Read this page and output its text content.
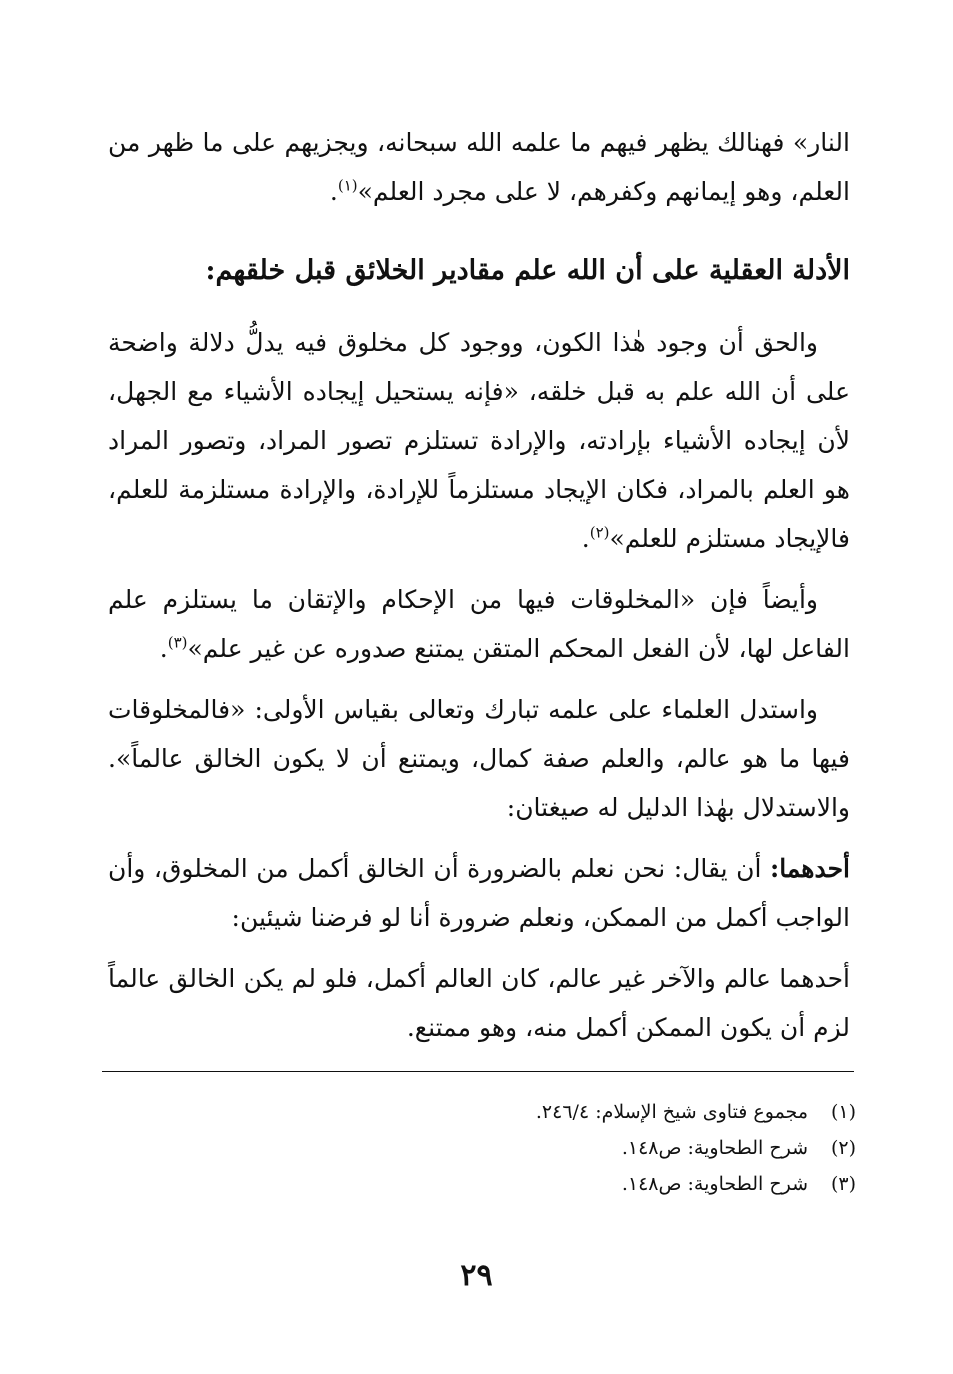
النار» فهنالك يظهر فيهم ما علمه الله سبحانه، ويجزيهم على ما ظهر من العلم، وهو إيمانهم وكفرهم، لا على مجرد العلم»$^{(١)}$.

الأدلة العقلية على أن الله علم مقادير الخلائق قبل خلقهم:

والحق أن وجود هٰذا الكون، ووجود كل مخلوق فيه يدلُّ دلالة واضحة على أن الله علم به قبل خلقه، «فإنه يستحيل إيجاده الأشياء مع الجهل، لأن إيجاده الأشياء بإرادته، والإرادة تستلزم تصور المراد، وتصور المراد هو العلم بالمراد، فكان الإيجاد مستلزماً للإرادة، والإرادة مستلزمة للعلم، فالإيجاد مستلزم للعلم»$^{(٢)}$.

وأيضاً فإن «المخلوقات فيها من الإحكام والإتقان ما يستلزم علم الفاعل لها، لأن الفعل المحكم المتقن يمتنع صدوره عن غير علم»$^{(٣)}$.

واستدل العلماء على علمه تبارك وتعالى بقياس الأولى: «فالمخلوقات فيها ما هو عالم، والعلم صفة كمال، ويمتنع أن لا يكون الخالق عالماً». والاستدلال بهٰذا الدليل له صيغتان:

أحدهما: أن يقال: نحن نعلم بالضرورة أن الخالق أكمل من المخلوق، وأن الواجب أكمل من الممكن، ونعلم ضرورة أنا لو فرضنا شيئين:

أحدهما عالم والآخر غير عالم، كان العالم أكمل، فلو لم يكن الخالق عالماً لزم أن يكون الممكن أكمل منه، وهو ممتنع.

(١)
مجموع فتاوى شيخ الإسلام: ٢٤٦/٤.
(٢)
شرح الطحاوية: ص١٤٨.
(٣)
شرح الطحاوية: ص١٤٨.
٢٩
